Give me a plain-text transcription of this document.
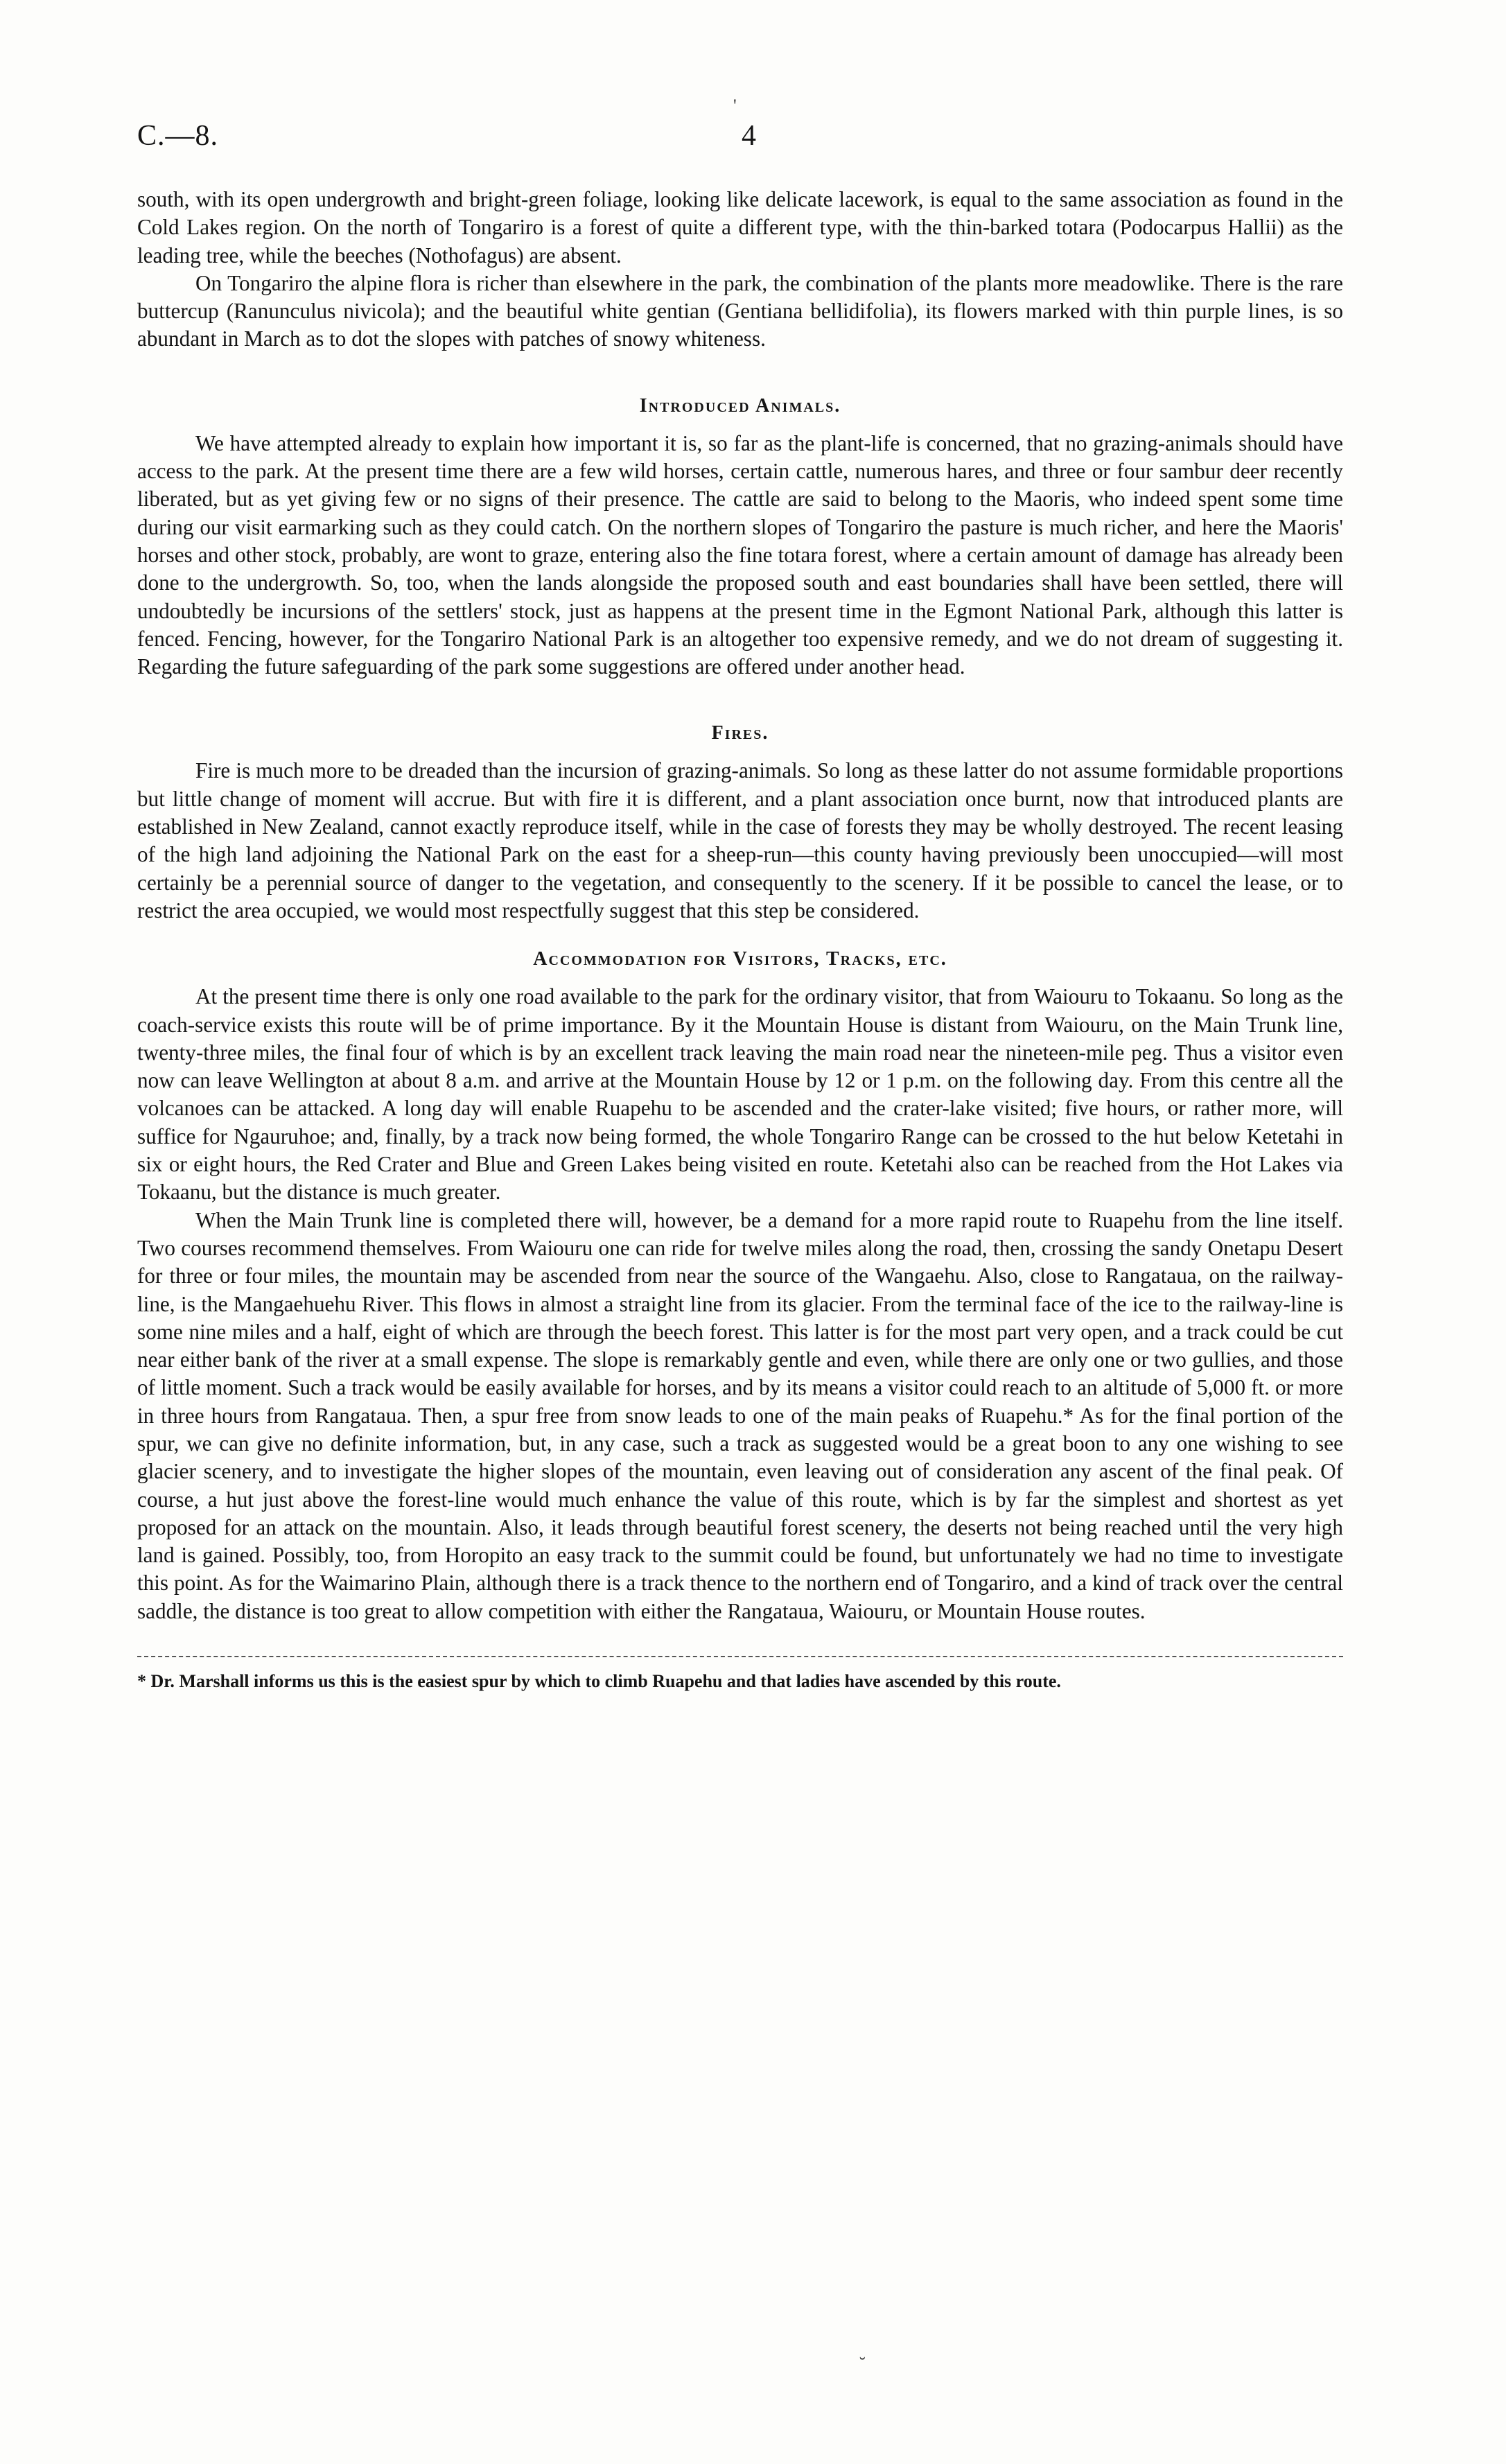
C.—8.	4
'
˘

south, with its open undergrowth and bright-green foliage, looking like delicate lacework, is equal to the same association as found in the Cold Lakes region. On the north of Tongariro is a forest of quite a different type, with the thin-barked totara (Podocarpus Hallii) as the leading tree, while the beeches (Nothofagus) are absent.

On Tongariro the alpine flora is richer than elsewhere in the park, the combination of the plants more meadowlike. There is the rare buttercup (Ranunculus nivicola); and the beautiful white gentian (Gentiana bellidifolia), its flowers marked with thin purple lines, is so abundant in March as to dot the slopes with patches of snowy whiteness.

Introduced Animals.

We have attempted already to explain how important it is, so far as the plant-life is concerned, that no grazing-animals should have access to the park. At the present time there are a few wild horses, certain cattle, numerous hares, and three or four sambur deer recently liberated, but as yet giving few or no signs of their presence. The cattle are said to belong to the Maoris, who indeed spent some time during our visit earmarking such as they could catch. On the northern slopes of Tongariro the pasture is much richer, and here the Maoris' horses and other stock, probably, are wont to graze, entering also the fine totara forest, where a certain amount of damage has already been done to the undergrowth. So, too, when the lands alongside the proposed south and east boundaries shall have been settled, there will undoubtedly be incursions of the settlers' stock, just as happens at the present time in the Egmont National Park, although this latter is fenced. Fencing, however, for the Tongariro National Park is an altogether too expensive remedy, and we do not dream of suggesting it. Regarding the future safeguarding of the park some suggestions are offered under another head.

Fires.

Fire is much more to be dreaded than the incursion of grazing-animals. So long as these latter do not assume formidable proportions but little change of moment will accrue. But with fire it is different, and a plant association once burnt, now that introduced plants are established in New Zealand, cannot exactly reproduce itself, while in the case of forests they may be wholly destroyed. The recent leasing of the high land adjoining the National Park on the east for a sheep-run—this county having previously been unoccupied—will most certainly be a perennial source of danger to the vegetation, and consequently to the scenery. If it be possible to cancel the lease, or to restrict the area occupied, we would most respectfully suggest that this step be considered.

Accommodation for Visitors, Tracks, etc.

At the present time there is only one road available to the park for the ordinary visitor, that from Waiouru to Tokaanu. So long as the coach-service exists this route will be of prime importance. By it the Mountain House is distant from Waiouru, on the Main Trunk line, twenty-three miles, the final four of which is by an excellent track leaving the main road near the nineteen-mile peg. Thus a visitor even now can leave Wellington at about 8 a.m. and arrive at the Mountain House by 12 or 1 p.m. on the following day. From this centre all the volcanoes can be attacked. A long day will enable Ruapehu to be ascended and the crater-lake visited; five hours, or rather more, will suffice for Ngauruhoe; and, finally, by a track now being formed, the whole Tongariro Range can be crossed to the hut below Ketetahi in six or eight hours, the Red Crater and Blue and Green Lakes being visited en route. Ketetahi also can be reached from the Hot Lakes via Tokaanu, but the distance is much greater.

When the Main Trunk line is completed there will, however, be a demand for a more rapid route to Ruapehu from the line itself. Two courses recommend themselves. From Waiouru one can ride for twelve miles along the road, then, crossing the sandy Onetapu Desert for three or four miles, the mountain may be ascended from near the source of the Wangaehu. Also, close to Rangataua, on the railway-line, is the Mangaehuehu River. This flows in almost a straight line from its glacier. From the terminal face of the ice to the railway-line is some nine miles and a half, eight of which are through the beech forest. This latter is for the most part very open, and a track could be cut near either bank of the river at a small expense. The slope is remarkably gentle and even, while there are only one or two gullies, and those of little moment. Such a track would be easily available for horses, and by its means a visitor could reach to an altitude of 5,000 ft. or more in three hours from Rangataua. Then, a spur free from snow leads to one of the main peaks of Ruapehu.* As for the final portion of the spur, we can give no definite information, but, in any case, such a track as suggested would be a great boon to any one wishing to see glacier scenery, and to investigate the higher slopes of the mountain, even leaving out of consideration any ascent of the final peak. Of course, a hut just above the forest-line would much enhance the value of this route, which is by far the simplest and shortest as yet proposed for an attack on the mountain. Also, it leads through beautiful forest scenery, the deserts not being reached until the very high land is gained. Possibly, too, from Horopito an easy track to the summit could be found, but unfortunately we had no time to investigate this point. As for the Waimarino Plain, although there is a track thence to the northern end of Tongariro, and a kind of track over the central saddle, the distance is too great to allow competition with either the Rangataua, Waiouru, or Mountain House routes.

* Dr. Marshall informs us this is the easiest spur by which to climb Ruapehu and that ladies have ascended by this route.
